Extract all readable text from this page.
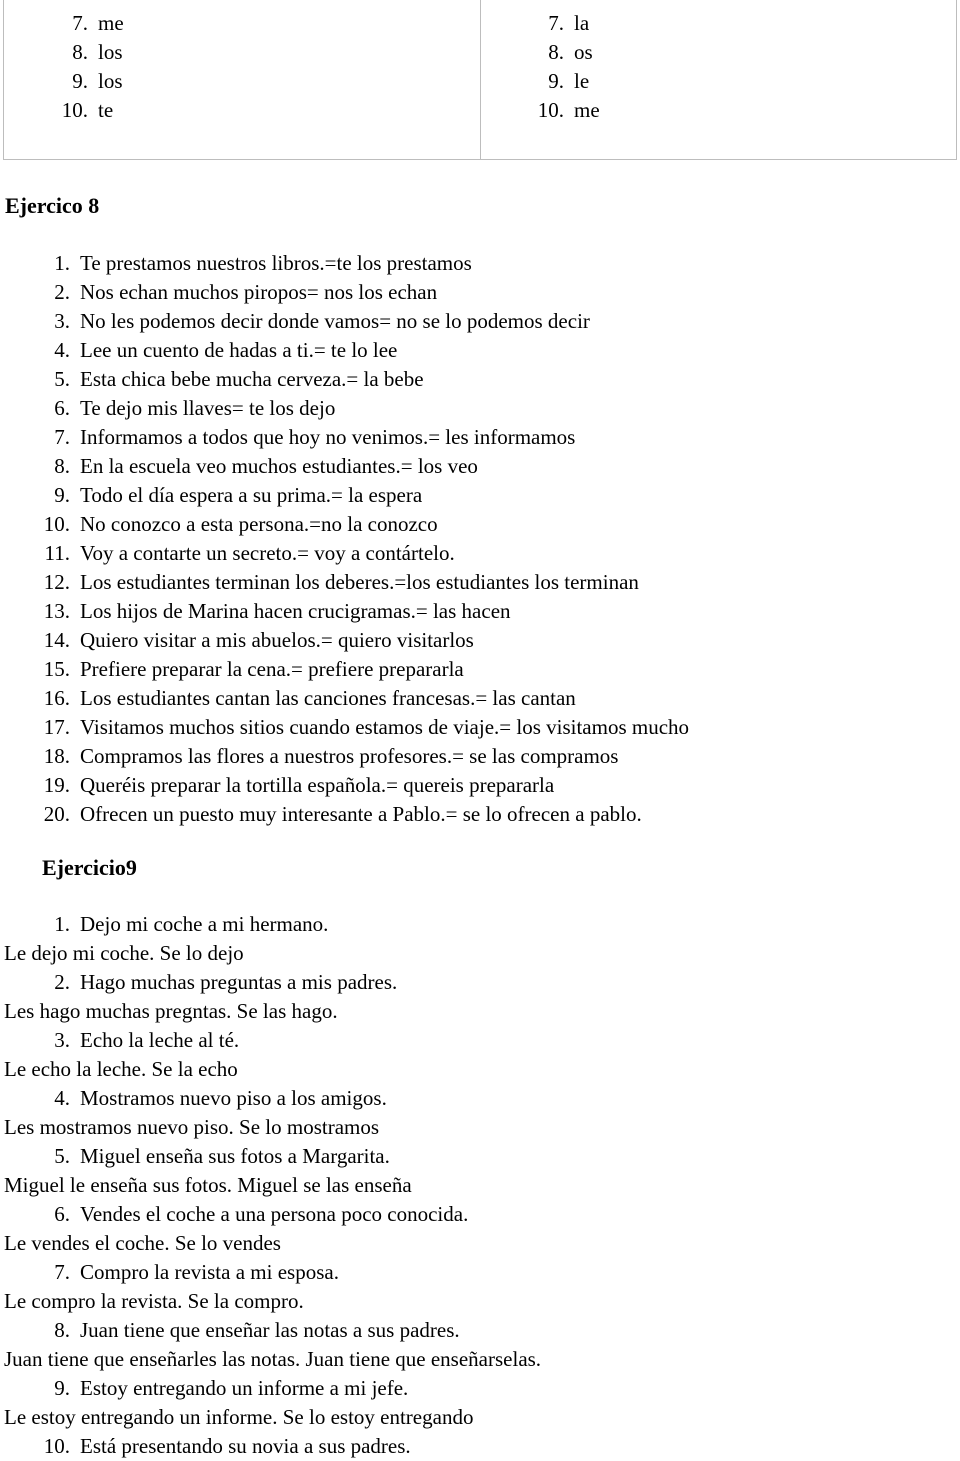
7. me
8. los
9. los
10. te
7. la
8. os
9. le
10. me
Ejercico 8
1. Te prestamos nuestros libros.=te los prestamos
2. Nos echan muchos piropos= nos los echan
3. No les podemos decir donde vamos= no se lo podemos decir
4. Lee un cuento de hadas a ti.= te lo lee
5. Esta chica bebe mucha cerveza.= la bebe
6. Te dejo mis llaves= te los dejo
7. Informamos a todos que hoy no venimos.= les informamos
8. En la escuela veo muchos estudiantes.= los veo
9. Todo el día espera a su prima.= la espera
10. No conozco a esta persona.=no la conozco
11. Voy a contarte un secreto.= voy a contártelo.
12. Los estudiantes terminan los deberes.=los estudiantes los terminan
13. Los hijos de Marina hacen crucigramas.= las hacen
14. Quiero visitar a mis abuelos.= quiero visitarlos
15. Prefiere preparar la cena.= prefiere prepararla
16. Los estudiantes cantan las canciones francesas.= las cantan
17. Visitamos muchos sitios cuando estamos de viaje.= los visitamos mucho
18. Compramos las flores a nuestros profesores.= se las compramos
19. Queréis preparar la tortilla española.= quereis prepararla
20. Ofrecen un puesto muy interesante a Pablo.= se lo ofrecen a pablo.
Ejercicio9
1. Dejo mi coche a mi hermano.
Le dejo mi coche. Se lo dejo
2. Hago muchas preguntas a mis padres.
Les hago muchas pregntas. Se las hago.
3. Echo la leche al té.
Le echo la leche. Se la echo
4. Mostramos nuevo piso a los amigos.
Les mostramos nuevo piso. Se lo mostramos
5. Miguel enseña sus fotos a Margarita.
Miguel le enseña sus fotos. Miguel se las enseña
6. Vendes el coche a una persona poco conocida.
Le vendes el coche. Se lo vendes
7. Compro la revista a mi esposa.
Le compro la revista. Se la compro.
8. Juan tiene que enseñar las notas a sus padres.
Juan tiene que enseñarles las notas. Juan tiene que enseñarselas.
9. Estoy entregando un informe a mi jefe.
Le estoy entregando un informe. Se lo estoy entregando
10. Está presentando su novia a sus padres.
